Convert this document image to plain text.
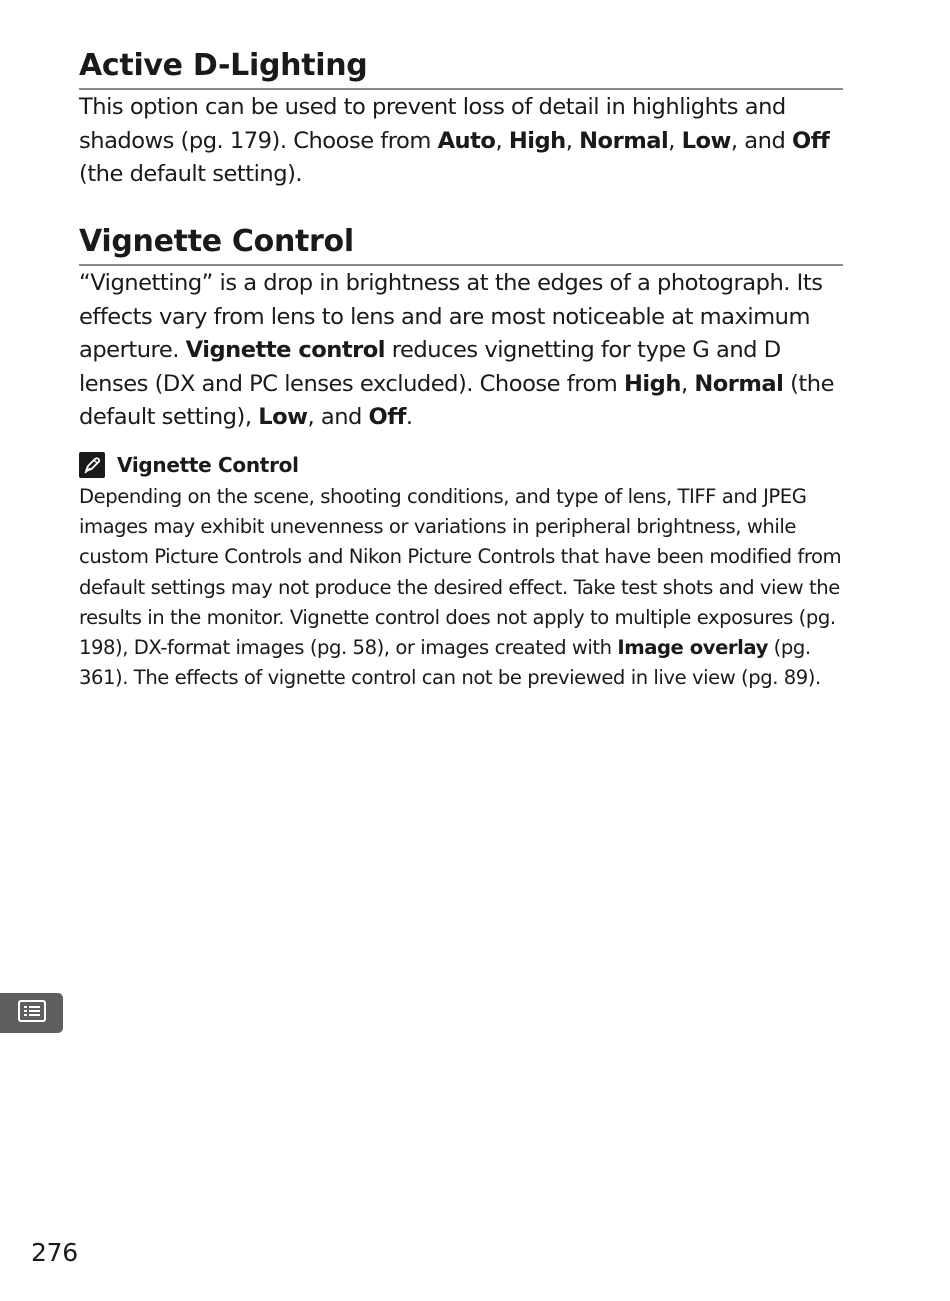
Active D-Lighting

This option can be used to prevent loss of detail in highlights and shadows (pg. 179). Choose from Auto, High, Normal, Low, and Off (the default setting).

Vignette Control

“Vignetting” is a drop in brightness at the edges of a photograph. Its effects vary from lens to lens and are most noticeable at maximum aperture. Vignette control reduces vignetting for type G and D lenses (DX and PC lenses excluded). Choose from High, Normal (the default setting), Low, and Off.

Vignette Control

Depending on the scene, shooting conditions, and type of lens, TIFF and JPEG images may exhibit unevenness or variations in peripheral brightness, while custom Picture Controls and Nikon Picture Controls that have been modified from default settings may not produce the desired effect. Take test shots and view the results in the monitor. Vignette control does not apply to multiple exposures (pg. 198), DX-format images (pg. 58), or images created with Image overlay (pg. 361). The effects of vignette control can not be previewed in live view (pg. 89).

276
